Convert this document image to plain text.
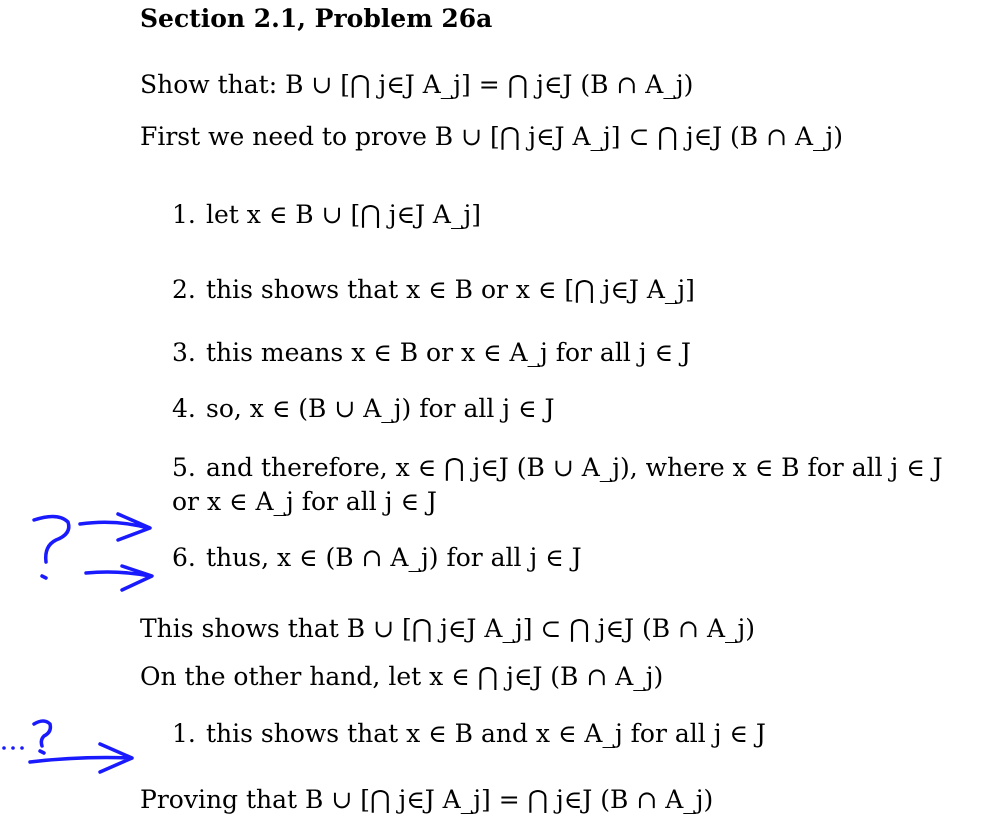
Section 2.1, Problem 26a
Show that: B ∪ [⋂ j∈J A_j] = ⋂ j∈J (B ∩ A_j)
First we need to prove B ∪ [⋂ j∈J A_j] ⊂ ⋂ j∈J (B ∩ A_j)
1. let x ∈ B ∪ [⋂ j∈J A_j]
2. this shows that x ∈ B or x ∈ [⋂ j∈J A_j]
3. this means x ∈ B or x ∈ A_j for all j ∈ J
4. so, x ∈ (B ∪ A_j) for all j ∈ J
5. and therefore, x ∈ ⋂ j∈J (B ∪ A_j), where x ∈ B for all j ∈ J or x ∈ A_j for all j ∈ J
6. thus, x ∈ (B ∩ A_j) for all j ∈ J
This shows that B ∪ [⋂ j∈J A_j] ⊂ ⋂ j∈J (B ∩ A_j)
On the other hand, let x ∈ ⋂ j∈J (B ∩ A_j)
1. this shows that x ∈ B and x ∈ A_j for all j ∈ J
Proving that B ∪ [⋂ j∈J A_j] = ⋂ j∈J (B ∩ A_j)
